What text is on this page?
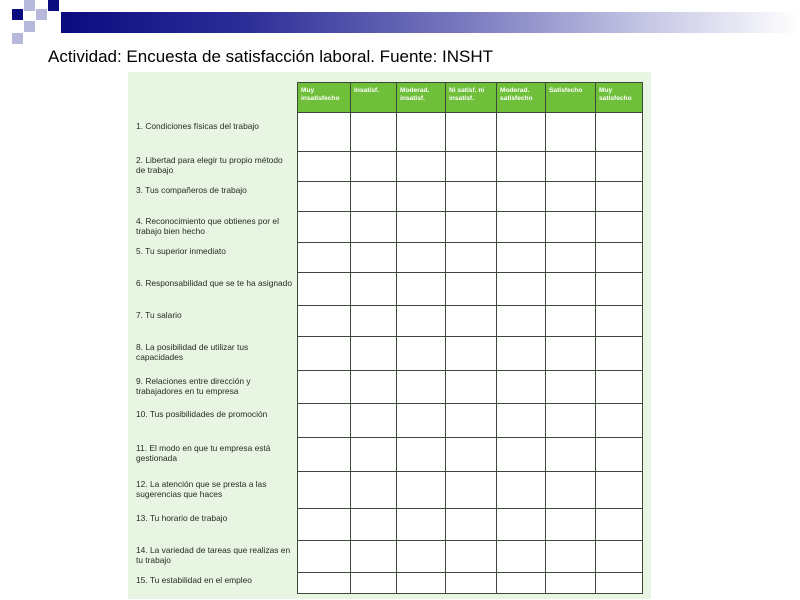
Actividad: Encuesta de satisfacción laboral. Fuente: INSHT
1. Condiciones físicas del trabajo
2. Libertad para elegir tu propio método de trabajo
3. Tus compañeros de trabajo
4. Reconocimiento que obtienes por el trabajo bien hecho
5. Tu superior inmediato
6. Responsabilidad que se te ha asignado
7. Tu salario
8. La posibilidad de utilizar tus capacidades
9. Relaciones entre dirección y trabajadores en tu empresa
10. Tus posibilidades de promoción
11. El modo en que tu empresa está gestionada
12. La atención que se presta a las sugerencias que haces
13. Tu horario de trabajo
14. La variedad de tareas que realizas en tu trabajo
15. Tu estabilidad en el empleo
Muy insatisfecho
Insatisf.	Moderad. insatisf.
Ni satisf. ni insatisf.
Moderad. satisfecho
Satisfecho	Muy satisfecho
